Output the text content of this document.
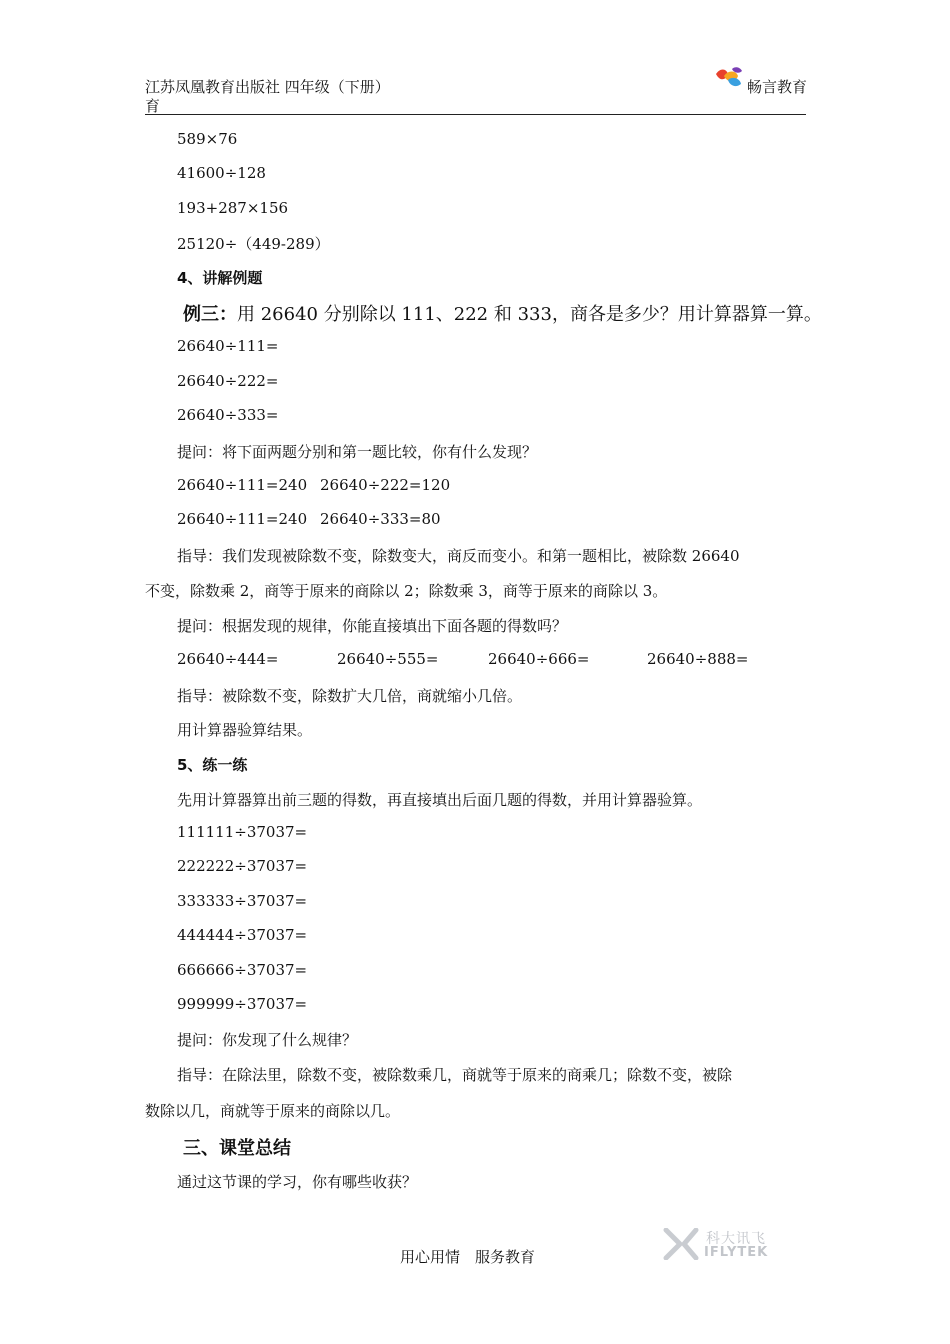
江苏凤凰教育出版社 四年级（下册）
育
畅言教育
589×76
41600÷128
193+287×156
25120÷（449-289）
4、讲解例题
例三：用 26640 分别除以 111、222 和 333，商各是多少？用计算器算一算。
26640÷111=
26640÷222=
26640÷333=
提问：将下面两题分别和第一题比较，你有什么发现？
26640÷111=240 26640÷222=120
26640÷111=240 26640÷333=80
指导：我们发现被除数不变，除数变大，商反而变小。和第一题相比，被除数 26640
不变，除数乘 2，商等于原来的商除以 2；除数乘 3，商等于原来的商除以 3。
提问：根据发现的规律，你能直接填出下面各题的得数吗？
26640÷444=	26640÷555=	26640÷666=	26640÷888=
指导：被除数不变，除数扩大几倍，商就缩小几倍。
用计算器验算结果。
5、练一练
先用计算器算出前三题的得数，再直接填出后面几题的得数，并用计算器验算。
111111÷37037=
222222÷37037=
333333÷37037=
444444÷37037=
666666÷37037=
999999÷37037=
提问：你发现了什么规律？
指导：在除法里，除数不变，被除数乘几，商就等于原来的商乘几；除数不变，被除
数除以几，商就等于原来的商除以几。
三、课堂总结
通过这节课的学习，你有哪些收获？
用心用情　服务教育
科大讯飞
IFLYTEK
